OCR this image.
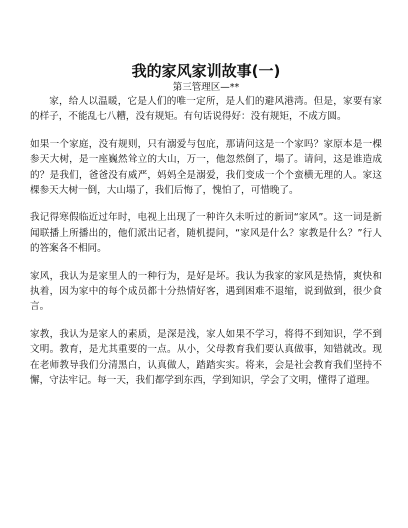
我的家风家训故事(一)
第三管理区—**

家，给人以温暖，它是人们的唯一定所，是人们的避风港湾。但是，家要有家的样子，不能乱七八糟，没有规矩。有句话说得好：没有规矩，不成方圆。

如果一个家庭，没有规则，只有溺爱与包庇，那请问这是一个家吗？家原本是一棵参天大树，是一座巍然耸立的大山，万一，他忽然倒了，塌了。请问，这是谁造成的？是我们，爸爸没有威严，妈妈全是溺爱，我们变成一个个蛮横无理的人。家这棵参天大树一倒，大山塌了，我们后悔了，愧怕了，可惜晚了。

我记得寒假临近过年时，电视上出现了一种许久未听过的新词“家风”。这一词是新闻联播上所播出的，他们派出记者，随机提问，“家风是什么？家教是什么？”行人的答案各不相同。

家风，我认为是家里人的一种行为，是好是坏。我认为我家的家风是热情，爽快和执着，因为家中的每个成员都十分热情好客，遇到困难不退缩，说到做到，很少食言。

家教，我认为是家人的素质，是深是浅，家人如果不学习，将得不到知识，学不到文明。教育，是尤其重要的一点。从小，父母教育我们要认真做事，知错就改。现在老师教导我们分清黑白，认真做人，踏踏实实。将来，会是社会教育我们坚持不懈，守法牢记。每一天，我们都学到东西，学到知识，学会了文明，懂得了道理。
